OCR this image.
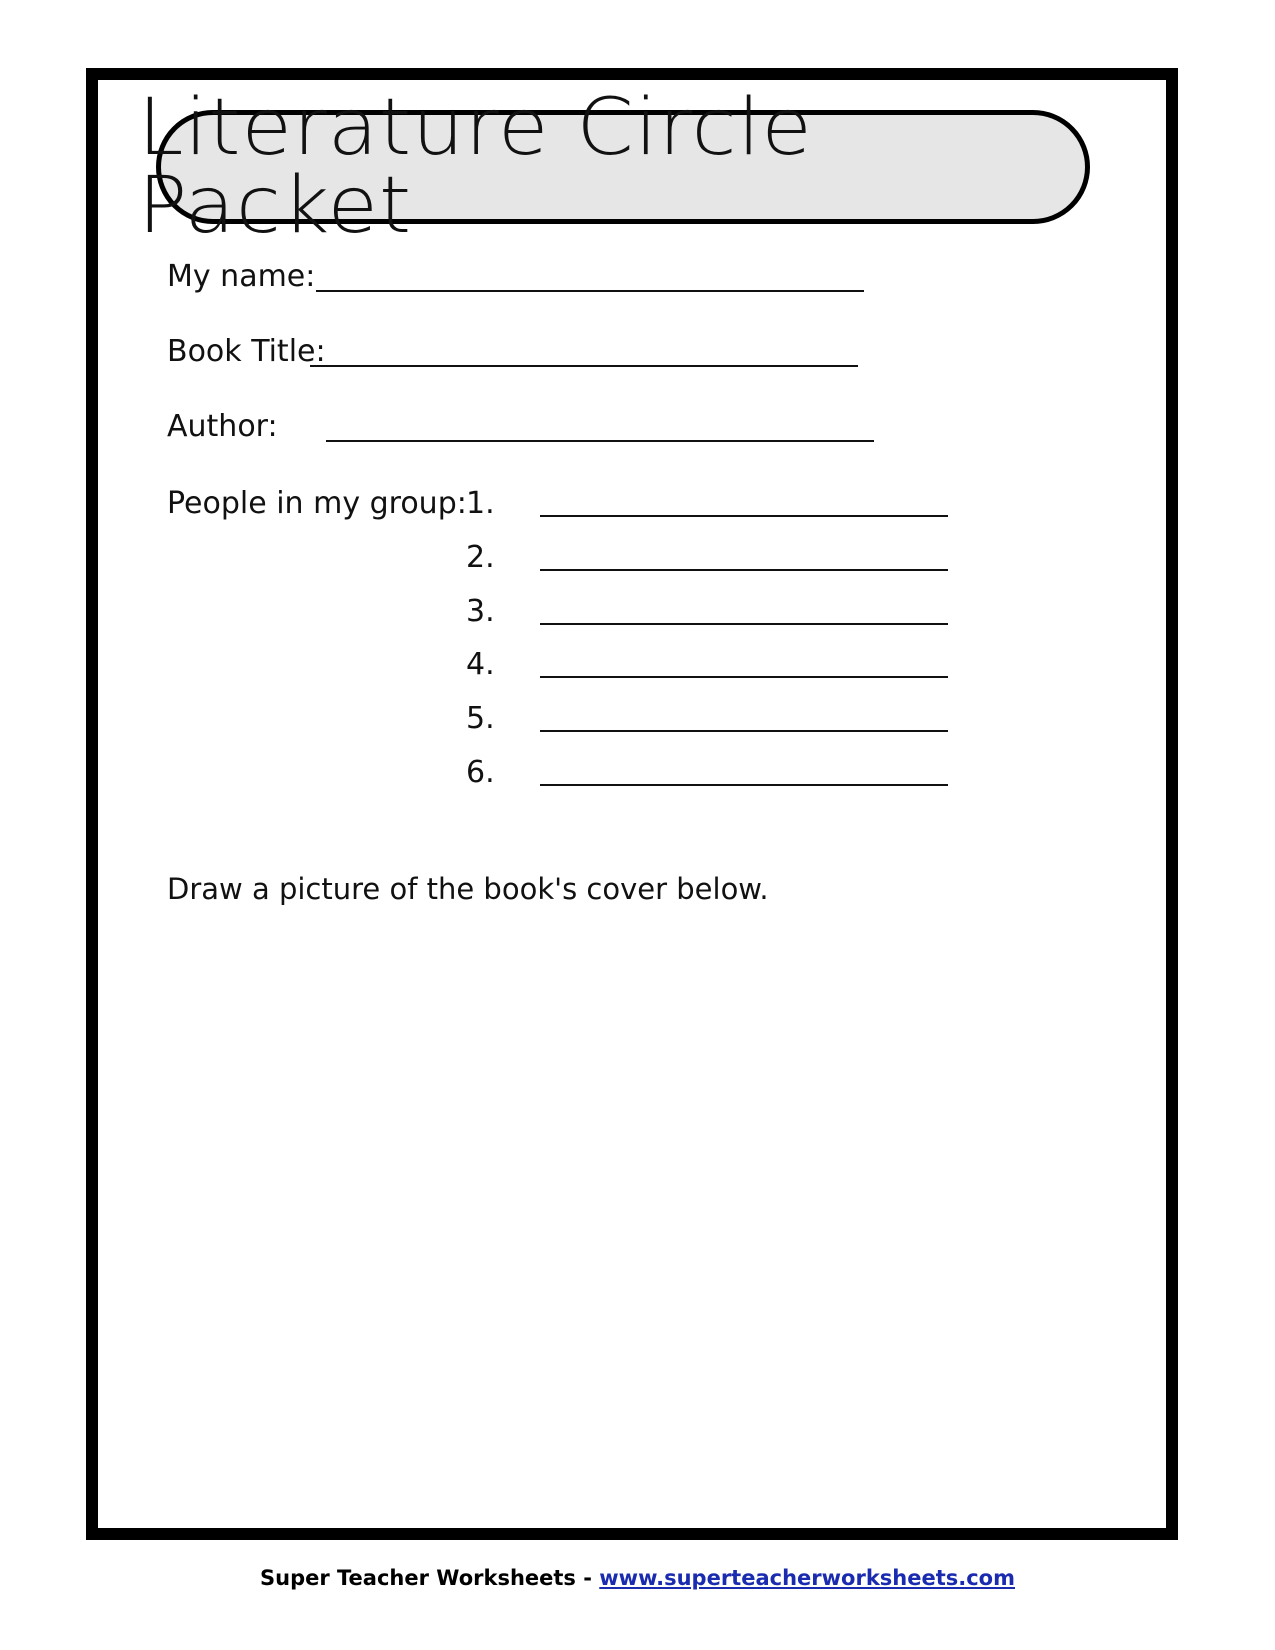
Literature Circle Packet
My name:
Book Title:
Author:
People in my group: 1.
2.
3.
4.
5.
6.
Draw a picture of the book's cover below.
Super Teacher Worksheets - www.superteacherworksheets.com
